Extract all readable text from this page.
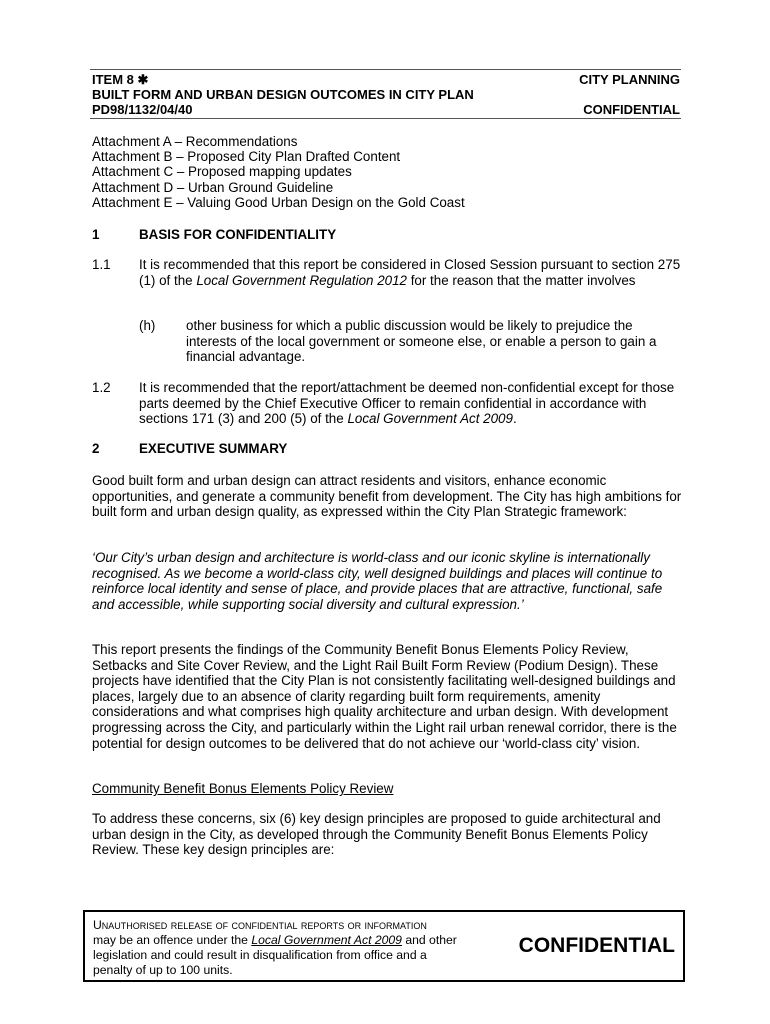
ITEM 8 ✱	CITY PLANNING
BUILT FORM AND URBAN DESIGN OUTCOMES IN CITY PLAN
PD98/1132/04/40	CONFIDENTIAL
Attachment A – Recommendations
Attachment B – Proposed City Plan Drafted Content
Attachment C – Proposed mapping updates
Attachment D – Urban Ground Guideline
Attachment E – Valuing Good Urban Design on the Gold Coast
1	BASIS FOR CONFIDENTIALITY
1.1 It is recommended that this report be considered in Closed Session pursuant to section 275 (1) of the Local Government Regulation 2012 for the reason that the matter involves
(h) other business for which a public discussion would be likely to prejudice the interests of the local government or someone else, or enable a person to gain a financial advantage.
1.2 It is recommended that the report/attachment be deemed non-confidential except for those parts deemed by the Chief Executive Officer to remain confidential in accordance with sections 171 (3) and 200 (5) of the Local Government Act 2009.
2	EXECUTIVE SUMMARY
Good built form and urban design can attract residents and visitors, enhance economic opportunities, and generate a community benefit from development. The City has high ambitions for built form and urban design quality, as expressed within the City Plan Strategic framework:
‘Our City’s urban design and architecture is world-class and our iconic skyline is internationally recognised. As we become a world-class city, well designed buildings and places will continue to reinforce local identity and sense of place, and provide places that are attractive, functional, safe and accessible, while supporting social diversity and cultural expression.’
This report presents the findings of the Community Benefit Bonus Elements Policy Review, Setbacks and Site Cover Review, and the Light Rail Built Form Review (Podium Design). These projects have identified that the City Plan is not consistently facilitating well-designed buildings and places, largely due to an absence of clarity regarding built form requirements, amenity considerations and what comprises high quality architecture and urban design. With development progressing across the City, and particularly within the Light rail urban renewal corridor, there is the potential for design outcomes to be delivered that do not achieve our ‘world-class city’ vision.
Community Benefit Bonus Elements Policy Review
To address these concerns, six (6) key design principles are proposed to guide architectural and urban design in the City, as developed through the Community Benefit Bonus Elements Policy Review. These key design principles are:
Unauthorised release of confidential reports or information
may be an offence under the Local Government Act 2009 and other
legislation and could result in disqualification from office and a
penalty of up to 100 units.
CONFIDENTIAL
